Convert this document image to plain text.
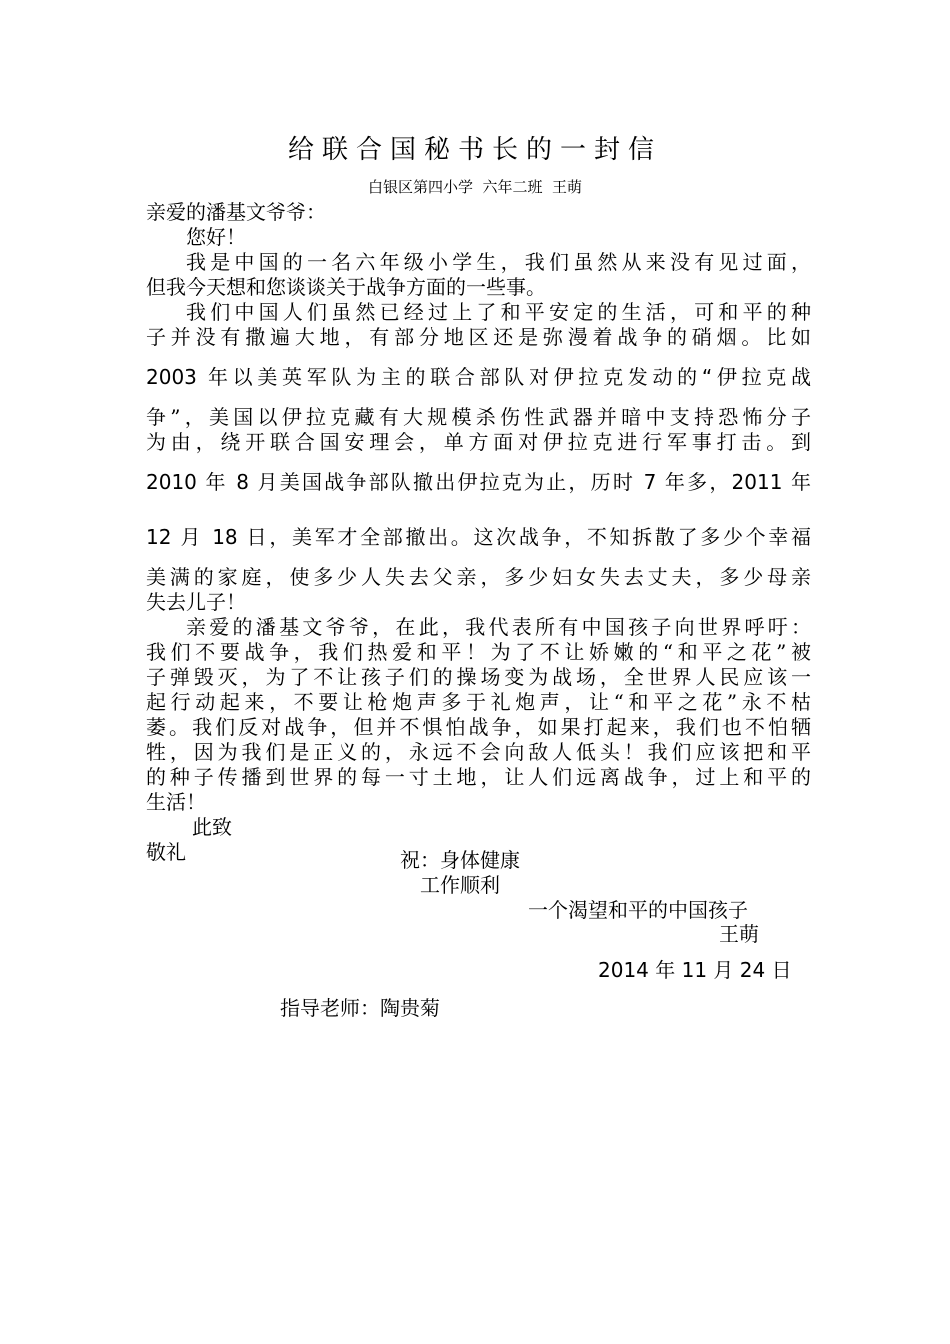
给联合国秘书长的一封信
白银区第四小学  六年二班  王萌
亲爱的潘基文爷爷：
您好！
我是中国的一名六年级小学生，我们虽然从来没有见过面，
但我今天想和您谈谈关于战争方面的一些事。
我们中国人们虽然已经过上了和平安定的生活，可和平的种
子并没有撒遍大地，有部分地区还是弥漫着战争的硝烟。比如
2003 年以美英军队为主的联合部队对伊拉克发动的“伊拉克战
争”，美国以伊拉克藏有大规模杀伤性武器并暗中支持恐怖分子
为由，绕开联合国安理会，单方面对伊拉克进行军事打击。到
2010 年 8 月美国战争部队撤出伊拉克为止，历时 7 年多，2011 年
12 月 18 日，美军才全部撤出。这次战争，不知拆散了多少个幸福
美满的家庭，使多少人失去父亲，多少妇女失去丈夫，多少母亲
失去儿子！
亲爱的潘基文爷爷，在此，我代表所有中国孩子向世界呼吁：
我们不要战争，我们热爱和平！为了不让娇嫩的“和平之花”被
子弹毁灭，为了不让孩子们的操场变为战场，全世界人民应该一
起行动起来，不要让枪炮声多于礼炮声，让“和平之花”永不枯
萎。我们反对战争，但并不惧怕战争，如果打起来，我们也不怕牺
牲，因为我们是正义的，永远不会向敌人低头！我们应该把和平
的种子传播到世界的每一寸土地，让人们远离战争，过上和平的
生活！
此致
敬礼	祝：身体健康
工作顺利
一个渴望和平的中国孩子
王萌
2014 年 11 月 24 日
指导老师：陶贵菊
